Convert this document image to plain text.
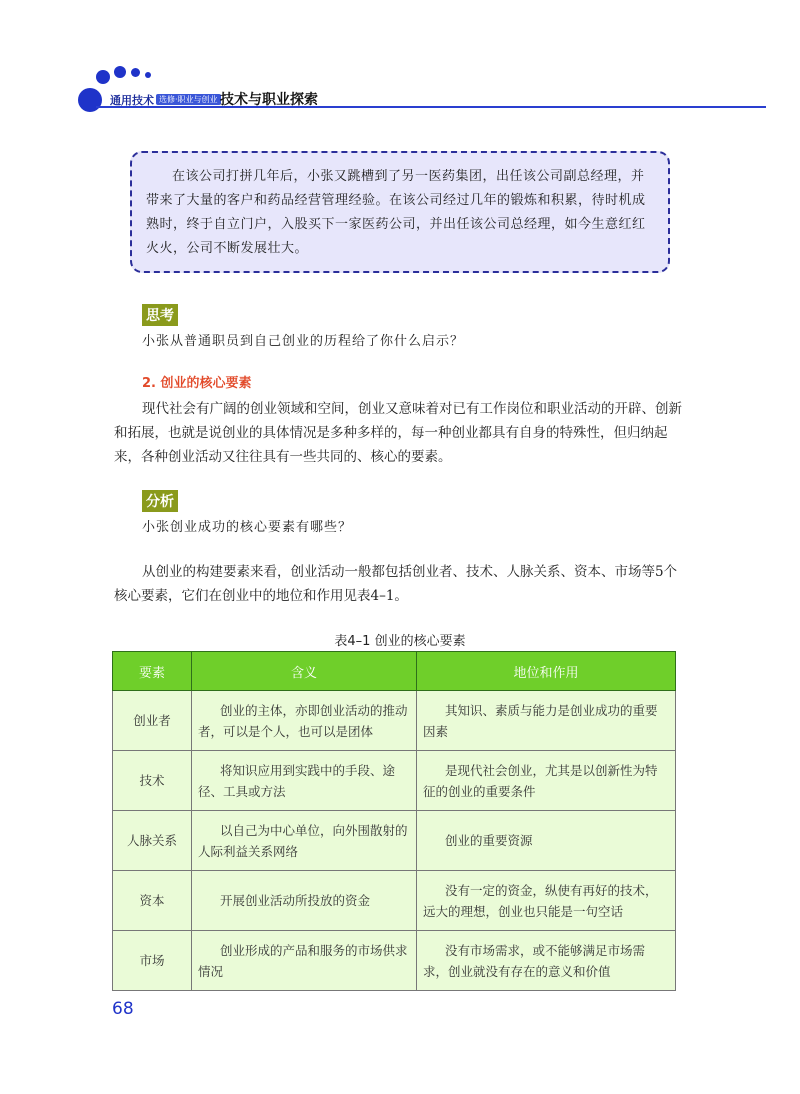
通用技术 选修·职业与创业 技术与职业探索

在该公司打拼几年后，小张又跳槽到了另一医药集团，出任该公司副总经理，并带来了大量的客户和药品经营管理经验。在该公司经过几年的锻炼和积累，待时机成熟时，终于自立门户，入股买下一家医药公司，并出任该公司总经理，如今生意红红火火，公司不断发展壮大。

思考
小张从普通职员到自己创业的历程给了你什么启示？
2. 创业的核心要素

现代社会有广阔的创业领域和空间，创业又意味着对已有工作岗位和职业活动的开辟、创新和拓展，也就是说创业的具体情况是多种多样的，每一种创业都具有自身的特殊性，但归纳起来，各种创业活动又往往具有一些共同的、核心的要素。

分析
小张创业成功的核心要素有哪些？

从创业的构建要素来看，创业活动一般都包括创业者、技术、人脉关系、资本、市场等5个核心要素，它们在创业中的地位和作用见表4–1。

表4–1 创业的核心要素
要素	含义	地位和作用
创业者	创业的主体，亦即创业活动的推动者，可以是个人，也可以是团体	其知识、素质与能力是创业成功的重要因素
技术	将知识应用到实践中的手段、途径、工具或方法	是现代社会创业，尤其是以创新性为特征的创业的重要条件
人脉关系	以自己为中心单位，向外围散射的人际利益关系网络	创业的重要资源
资本	开展创业活动所投放的资金	没有一定的资金，纵使有再好的技术，远大的理想，创业也只能是一句空话
市场	创业形成的产品和服务的市场供求情况	没有市场需求，或不能够满足市场需求，创业就没有存在的意义和价值
68
